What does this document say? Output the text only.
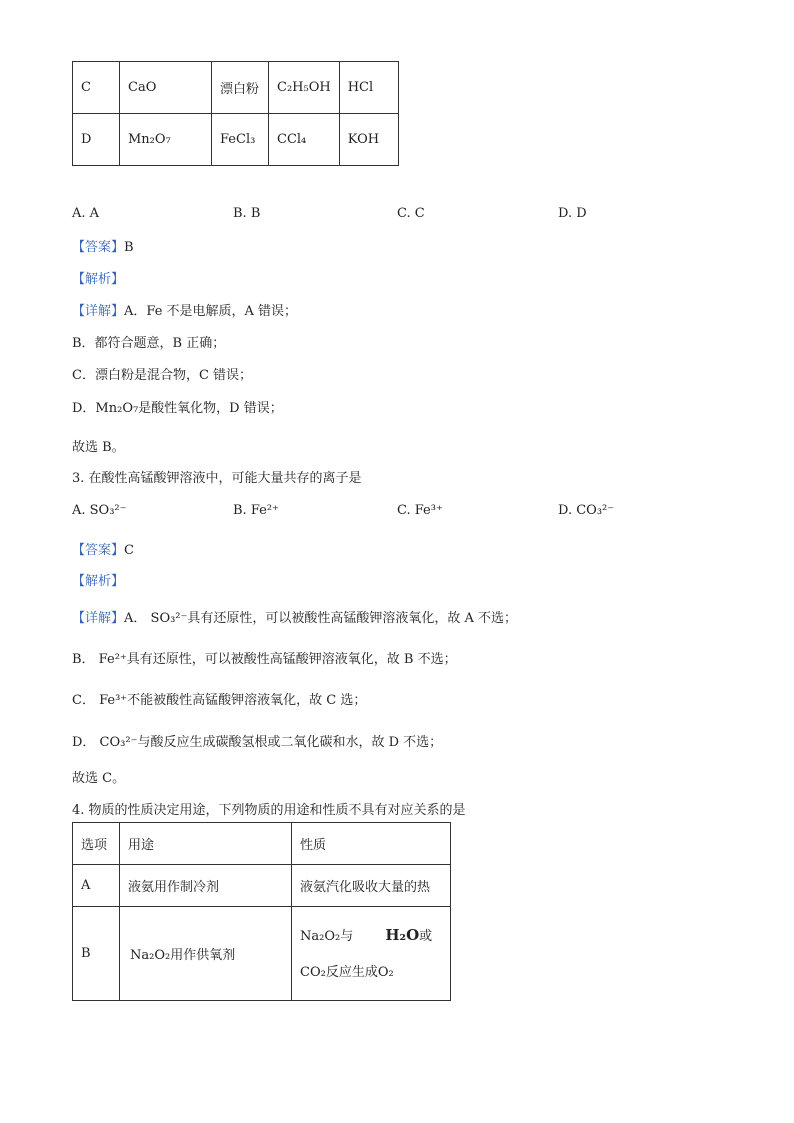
C	CaO	漂白粉	C₂H₅OH	HCl
D	Mn₂O₇	FeCl₃	CCl₄	KOH
A. A	B. B	C. C	D. D
【答案】B
【解析】
【详解】A．Fe 不是电解质，A 错误；
B．都符合题意，B 正确；
C．漂白粉是混合物，C 错误；
D．Mn₂O₇是酸性氧化物，D 错误；
故选 B。
3. 在酸性高锰酸钾溶液中，可能大量共存的离子是
A. SO₃²⁻	B. Fe²⁺	C. Fe³⁺	D. CO₃²⁻
【答案】C
【解析】
【详解】A． SO₃²⁻具有还原性，可以被酸性高锰酸钾溶液氧化，故 A 不选；
B． Fe²⁺具有还原性，可以被酸性高锰酸钾溶液氧化，故 B 不选；
C． Fe³⁺不能被酸性高锰酸钾溶液氧化，故 C 选；
D． CO₃²⁻与酸反应生成碳酸氢根或二氧化碳和水，故 D 不选；
故选 C。
4. 物质的性质决定用途，下列物质的用途和性质不具有对应关系的是
选项	用途	性质
A	液氨用作制冷剂	液氨汽化吸收大量的热
B	Na₂O₂用作供氧剂	Na₂O₂与 H₂O或
CO₂反应生成O₂
